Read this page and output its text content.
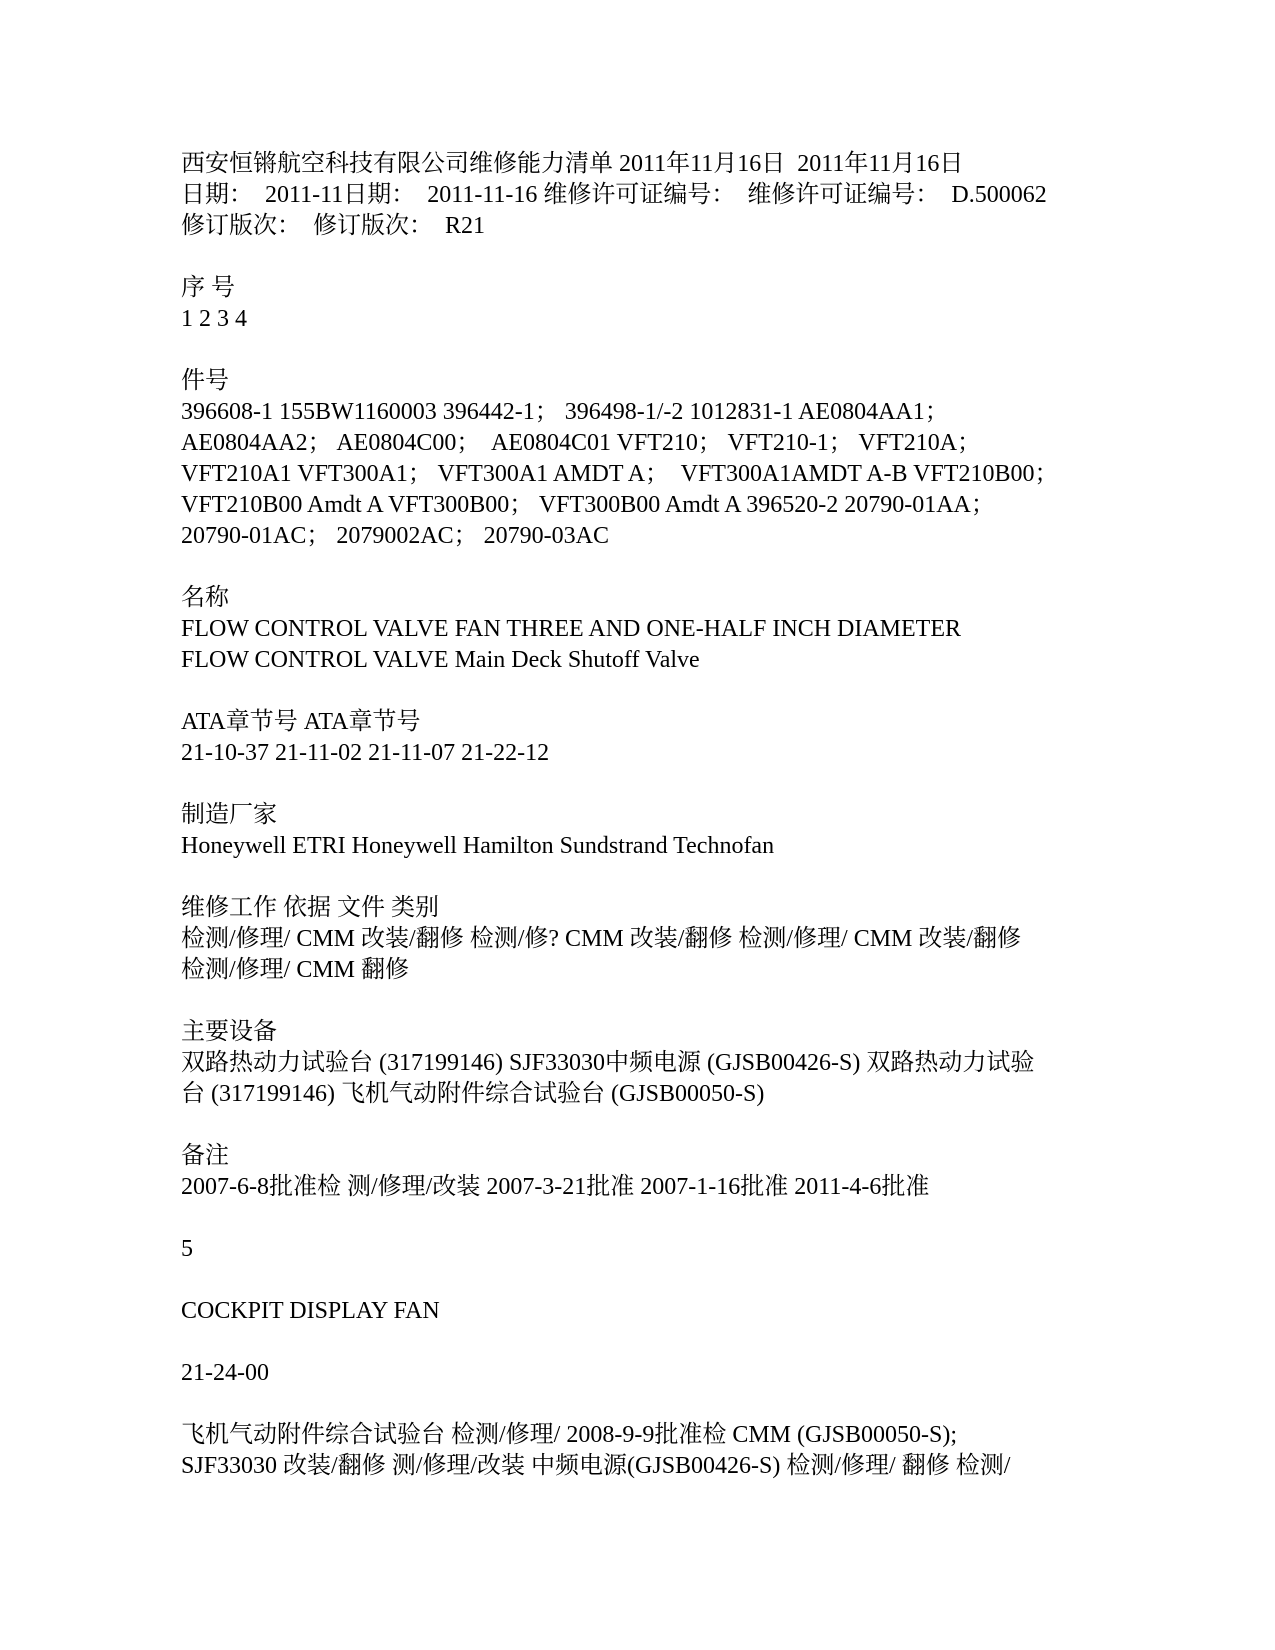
西安恒锵航空科技有限公司维修能力清单 2011年11月16日  2011年11月16日
日期：  2011-11日期：  2011-11-16 维修许可证编号：  维修许可证编号：  D.500062
修订版次：  修订版次：  R21

序 号
1 2 3 4

件号
396608-1 155BW1160003 396442-1； 396498-1/-2 1012831-1 AE0804AA1；
AE0804AA2； AE0804C00；  AE0804C01 VFT210； VFT210-1； VFT210A；
VFT210A1 VFT300A1； VFT300A1 AMDT A；  VFT300A1AMDT A-B VFT210B00；
VFT210B00 Amdt A VFT300B00； VFT300B00 Amdt A 396520-2 20790-01AA；
20790-01AC； 2079002AC； 20790-03AC

名称
FLOW CONTROL VALVE FAN THREE AND ONE-HALF INCH DIAMETER
FLOW CONTROL VALVE Main Deck Shutoff Valve

ATA章节号 ATA章节号
21-10-37 21-11-02 21-11-07 21-22-12

制造厂家
Honeywell ETRI Honeywell Hamilton Sundstrand Technofan

维修工作 依据 文件 类别
检测/修理/ CMM 改装/翻修 检测/修? CMM 改装/翻修 检测/修理/ CMM 改装/翻修
检测/修理/ CMM 翻修

主要设备
双路热动力试验台 (317199146) SJF33030中频电源 (GJSB00426-S) 双路热动力试验
台 (317199146) 飞机气动附件综合试验台 (GJSB00050-S)

备注
2007-6-8批准检 测/修理/改装 2007-3-21批准 2007-1-16批准 2011-4-6批准

5

COCKPIT DISPLAY FAN

21-24-00

飞机气动附件综合试验台 检测/修理/ 2008-9-9批准检 CMM (GJSB00050-S);
SJF33030 改装/翻修 测/修理/改装 中频电源(GJSB00426-S) 检测/修理/ 翻修 检测/
